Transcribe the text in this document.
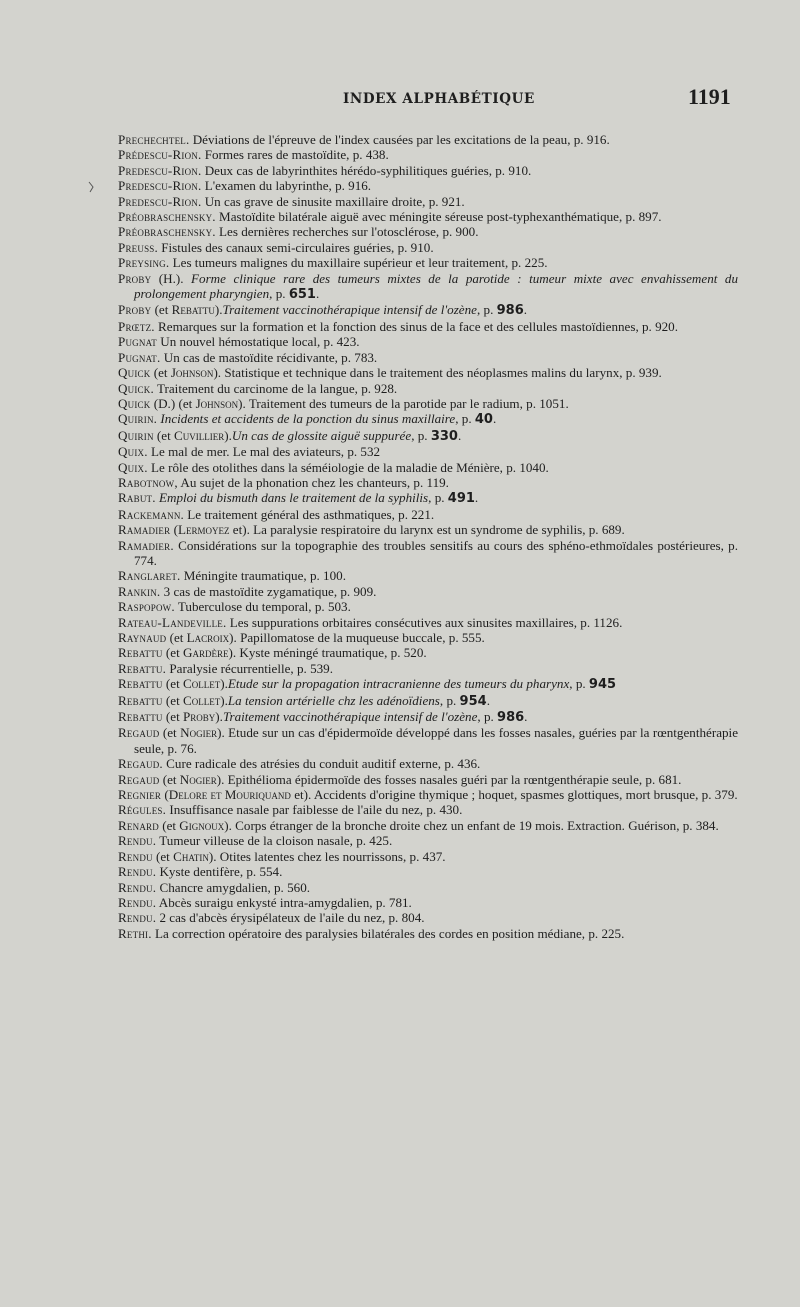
INDEX ALPHABÉTIQUE	1191
Prechechtel. Déviations de l'épreuve de l'index causées par les excitations de la peau, p. 916.
Prédescu-Rion. Formes rares de mastoïdite, p. 438.
Predescu-Rion. Deux cas de labyrinthites hérédo-syphilitiques guéries, p. 910.
Predescu-Rion. L'examen du labyrinthe, p. 916.
Predescu-Rion. Un cas grave de sinusite maxillaire droite, p. 921.
Préobraschensky. Mastoïdite bilatérale aiguë avec méningite séreuse post-typhexanthématique, p. 897.
Préobraschensky. Les dernières recherches sur l'otosclérose, p. 900.
Preuss. Fistules des canaux semi-circulaires guéries, p. 910.
Preysing. Les tumeurs malignes du maxillaire supérieur et leur traitement, p. 225.
Proby (H.). Forme clinique rare des tumeurs mixtes de la parotide : tumeur mixte avec envahissement du prolongement pharyngien, p. 651.
Proby (et Rebattu).Traitement vaccinothérapique intensif de l'ozène, p. 986.
Prœtz. Remarques sur la formation et la fonction des sinus de la face et des cellules mastoïdiennes, p. 920.
Pugnat Un nouvel hémostatique local, p. 423.
Pugnat. Un cas de mastoïdite récidivante, p. 783.
Quick (et Johnson). Statistique et technique dans le traitement des néoplasmes malins du larynx, p. 939.
Quick. Traitement du carcinome de la langue, p. 928.
Quick (D.) (et Johnson). Traitement des tumeurs de la parotide par le radium, p. 1051.
Quirin. Incidents et accidents de la ponction du sinus maxillaire, p. 40.
Quirin (et Cuvillier).Un cas de glossite aiguë suppurée, p. 330.
Quix. Le mal de mer. Le mal des aviateurs, p. 532
Quix. Le rôle des otolithes dans la séméiologie de la maladie de Ménière, p. 1040.
Rabotnow, Au sujet de la phonation chez les chanteurs, p. 119.
Rabut. Emploi du bismuth dans le traitement de la syphilis, p. 491.
Rackemann. Le traitement général des asthmatiques, p. 221.
Ramadier (Lermoyez et). La paralysie respiratoire du larynx est un syndrome de syphilis, p. 689.
Ramadier. Considérations sur la topographie des troubles sensitifs au cours des sphéno-ethmoïdales postérieures, p. 774.
Ranglaret. Méningite traumatique, p. 100.
Rankin. 3 cas de mastoïdite zygamatique, p. 909.
Raspopow. Tuberculose du temporal, p. 503.
Rateau-Landeville. Les suppurations orbitaires consécutives aux sinusites maxillaires, p. 1126.
Raynaud (et Lacroix). Papillomatose de la muqueuse buccale, p. 555.
Rebattu (et Gardère). Kyste méningé traumatique, p. 520.
Rebattu. Paralysie récurrentielle, p. 539.
Rebattu (et Collet).Etude sur la propagation intracranienne des tumeurs du pharynx, p. 945
Rebattu (et Collet).La tension artérielle chz les adénoïdiens, p. 954.
Rebattu (et Proby).Traitement vaccinothérapique intensif de l'ozène, p. 986.
Regaud (et Nogier). Etude sur un cas d'épidermoïde développé dans les fosses nasales, guéries par la rœntgenthérapie seule, p. 76.
Regaud. Cure radicale des atrésies du conduit auditif externe, p. 436.
Regaud (et Nogier). Epithélioma épidermoïde des fosses nasales guéri par la rœntgenthérapie seule, p. 681.
Regnier (Delore et Mouriquand et). Accidents d'origine thymique ; hoquet, spasmes glottiques, mort brusque, p. 379.
Régules. Insuffisance nasale par faiblesse de l'aile du nez, p. 430.
Renard (et Gignoux). Corps étranger de la bronche droite chez un enfant de 19 mois. Extraction. Guérison, p. 384.
Rendu. Tumeur villeuse de la cloison nasale, p. 425.
Rendu (et Chatin). Otites latentes chez les nourrissons, p. 437.
Rendu. Kyste dentifère, p. 554.
Rendu. Chancre amygdalien, p. 560.
Rendu. Abcès suraigu enkysté intra-amygdalien, p. 781.
Rendu. 2 cas d'abcès érysipélateux de l'aile du nez, p. 804.
Rethi. La correction opératoire des paralysies bilatérales des cordes en position médiane, p. 225.
